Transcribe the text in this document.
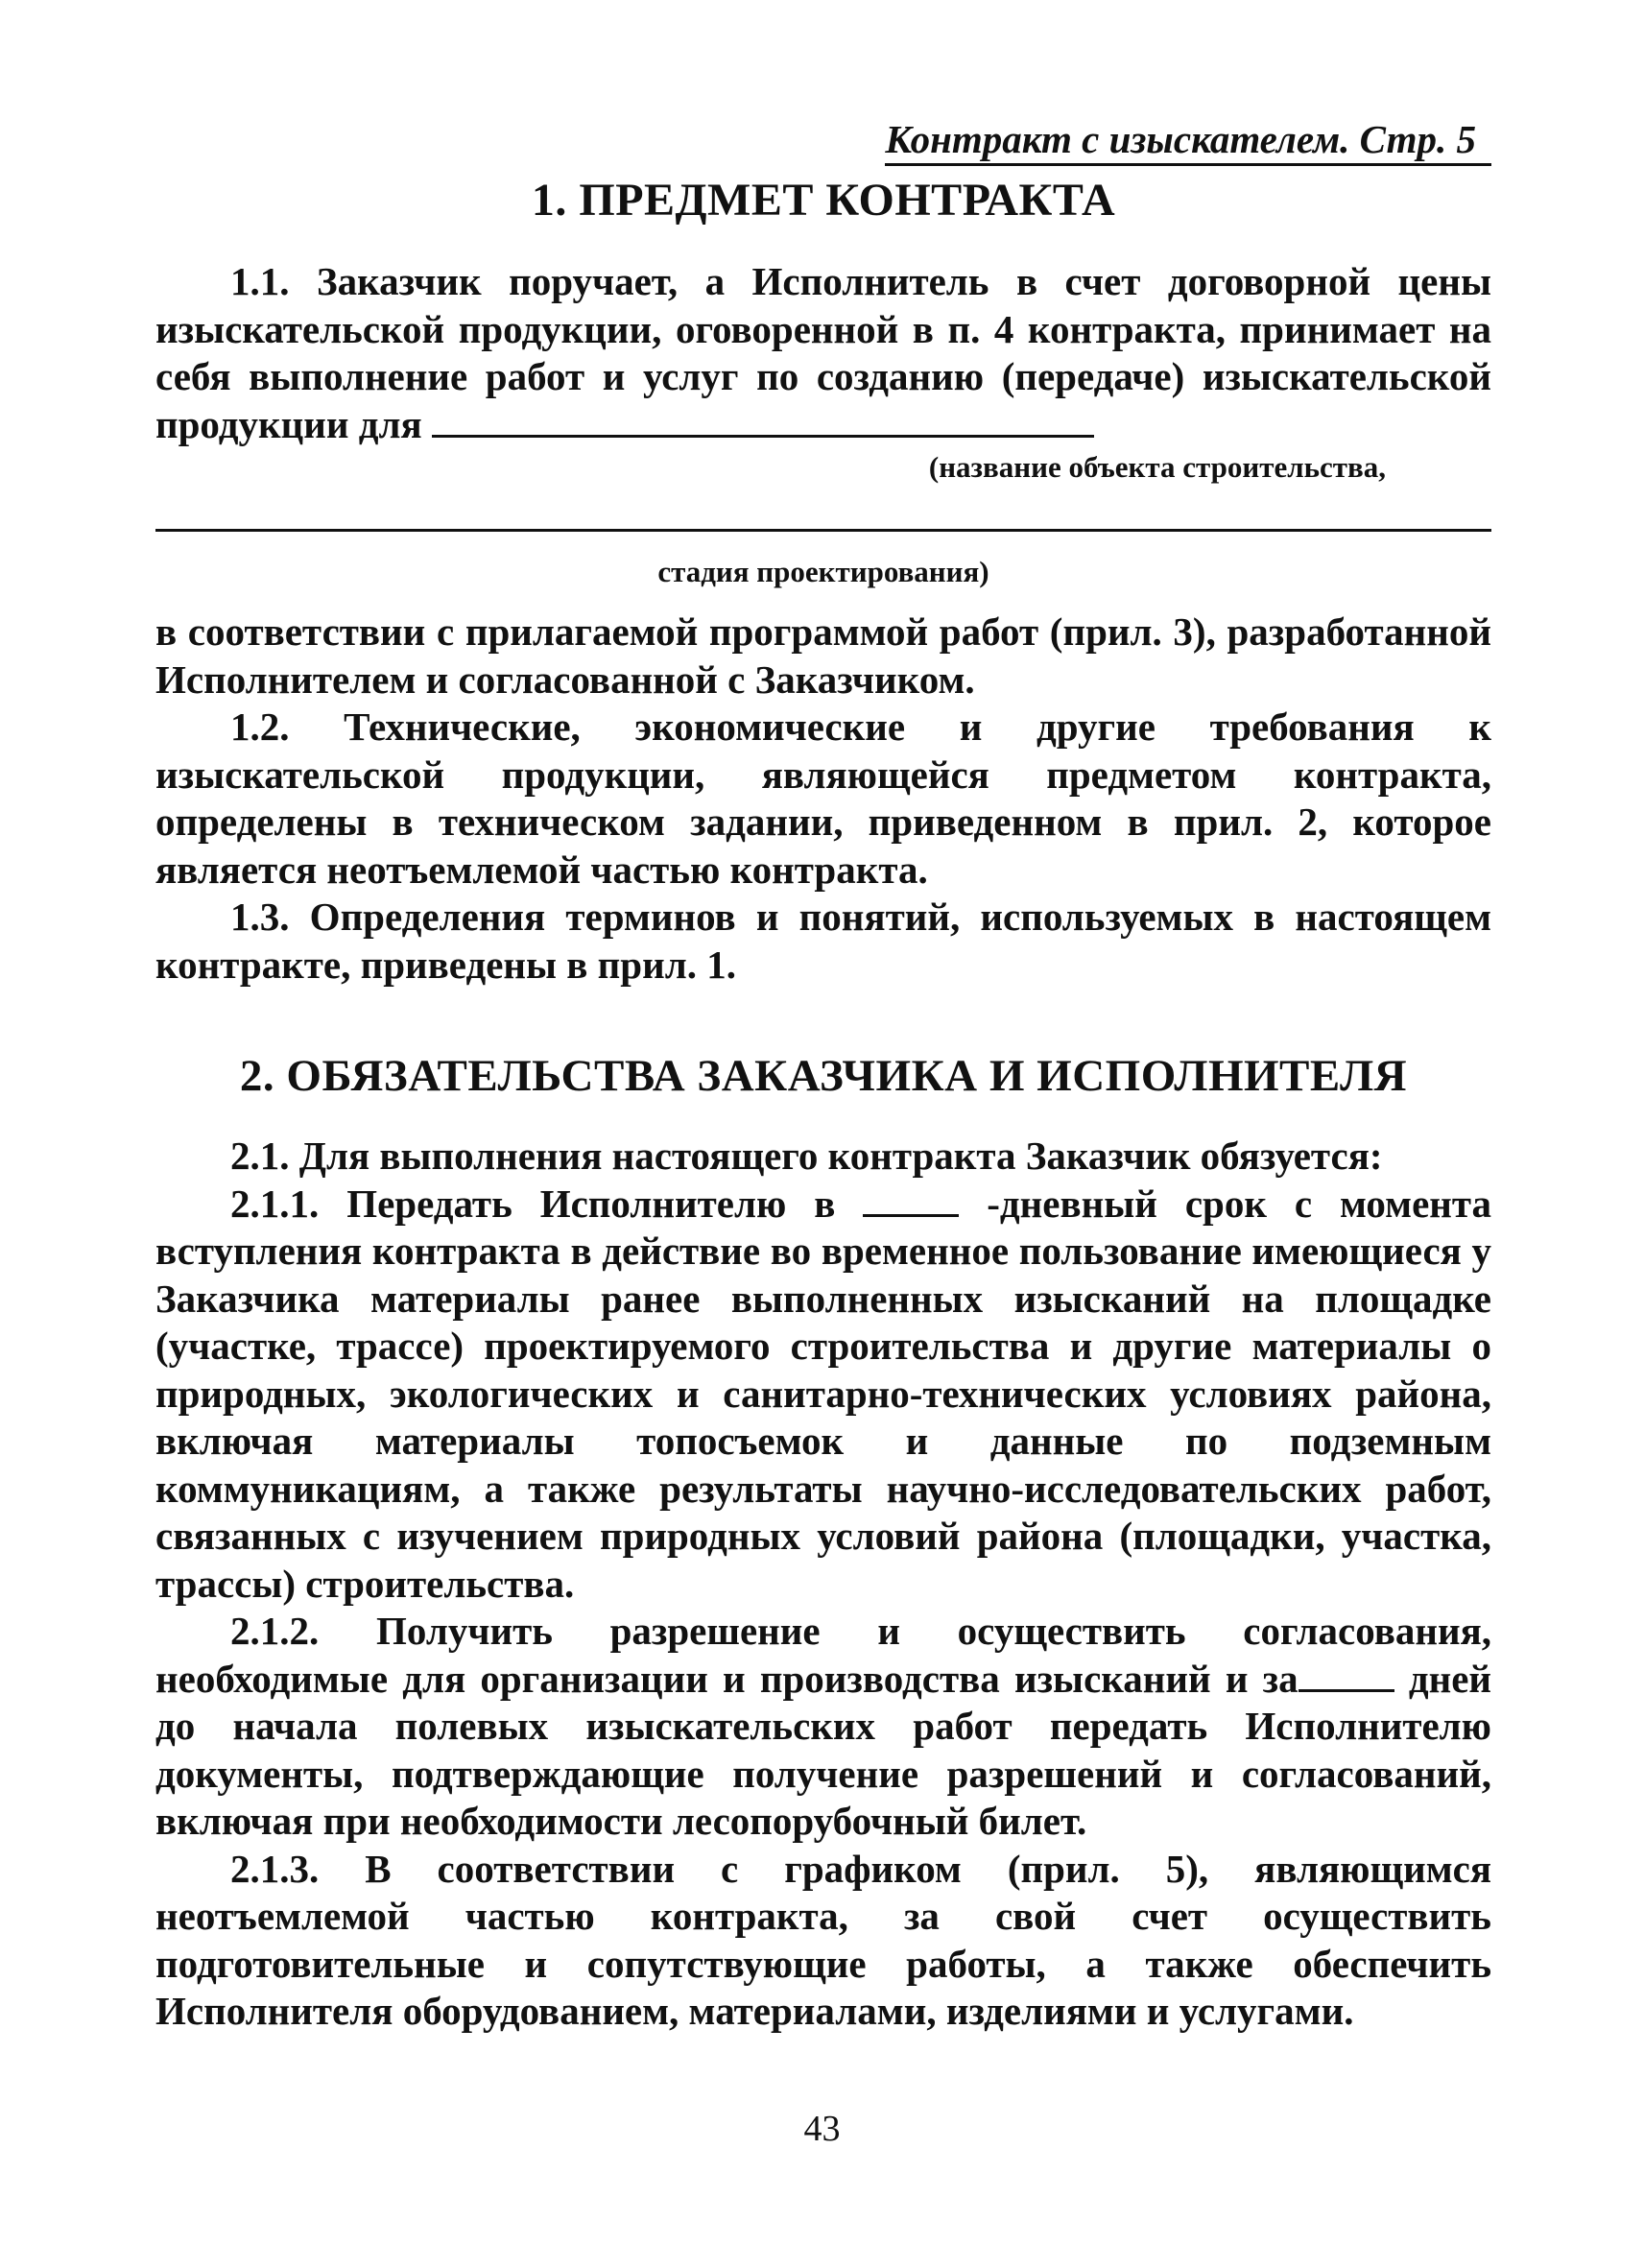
Контракт с изыскателем. Стр. 5
1. ПРЕДМЕТ КОНТРАКТА

1.1. Заказчик поручает, а Исполнитель в счет договорной цены изыскательской продукции, оговоренной в п. 4 контракта, принимает на себя выполнение работ и услуг по созданию (передаче) изыскательской продукции для

(название объекта строительства,
стадия проектирования)

в соответствии с прилагаемой программой работ (прил. 3), разработанной Исполнителем и согласованной с Заказчиком.

1.2. Технические, экономические и другие требования к изыскательской продукции, являющейся предметом контракта, определены в техническом задании, приведенном в прил. 2, которое является неотъемлемой частью контракта.

1.3. Определения терминов и понятий, используемых в настоящем контракте, приведены в прил. 1.

2. ОБЯЗАТЕЛЬСТВА ЗАКАЗЧИКА И ИСПОЛНИТЕЛЯ

2.1. Для выполнения настоящего контракта Заказчик обязуется:

2.1.1. Передать Исполнителю в	-дневный срок с момента вступления контракта в действие во временное пользование имеющиеся у Заказчика материалы ранее выполненных изысканий на площадке (участке, трассе) проектируемого строительства и другие материалы о природных, экологических и санитарно-технических условиях района, включая материалы топосъемок и данные по подземным коммуникациям, а также результаты научно-исследовательских работ, связанных с изучением природных условий района (площадки, участка, трассы) строительства.

2.1.2. Получить разрешение и осуществить согласования, необходимые для организации и производства изысканий и за	дней до начала полевых изыскательских работ передать Исполнителю документы, подтверждающие получение разрешений и согласований, включая при необходимости лесопорубочный билет.

2.1.3. В соответствии с графиком (прил. 5), являющимся неотъемлемой частью контракта, за свой счет осуществить подготовительные и сопутствующие работы, а также обеспечить Исполнителя оборудованием, материалами, изделиями и услугами.

43
